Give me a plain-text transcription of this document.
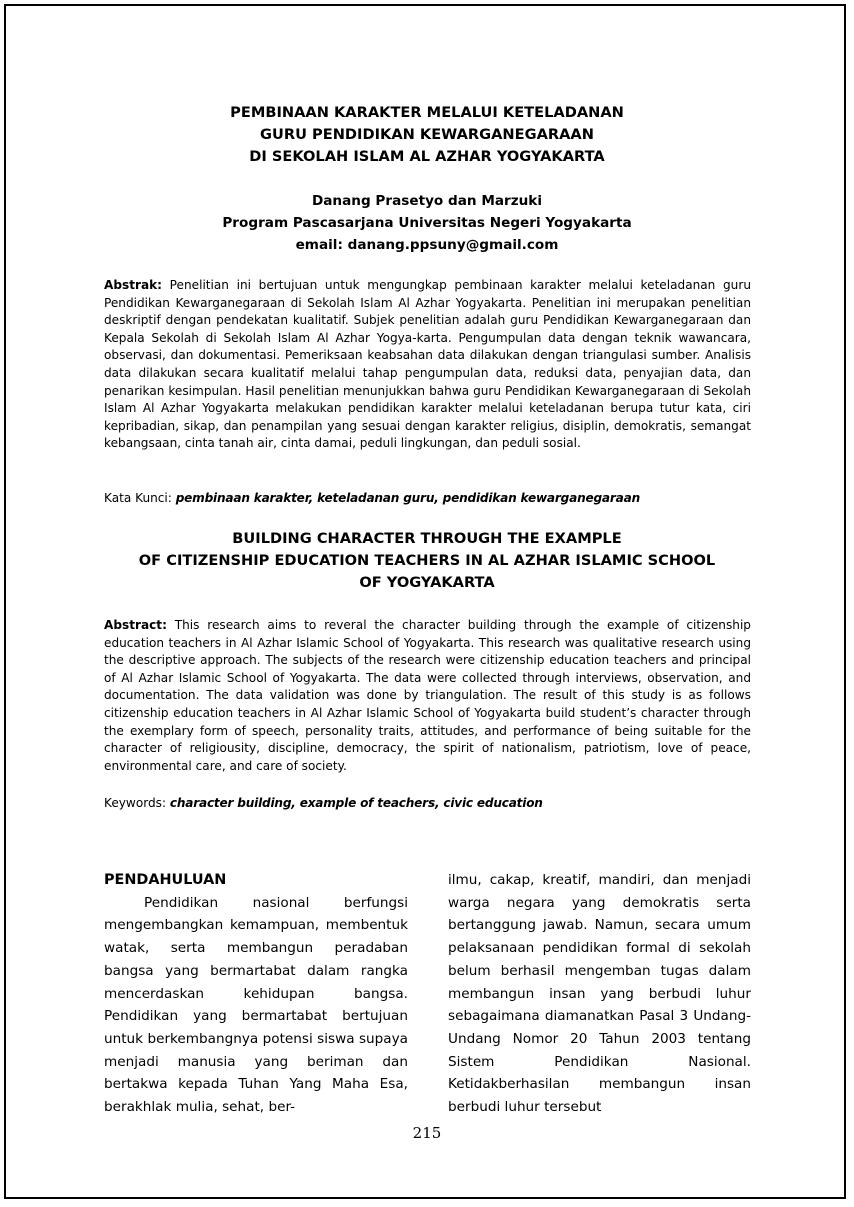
PEMBINAAN KARAKTER MELALUI KETELADANAN
GURU PENDIDIKAN KEWARGANEGARAAN
DI SEKOLAH ISLAM AL AZHAR YOGYAKARTA
Danang Prasetyo dan Marzuki
Program Pascasarjana Universitas Negeri Yogyakarta
email: danang.ppsuny@gmail.com

Abstrak: Penelitian ini bertujuan untuk mengungkap pembinaan karakter melalui keteladanan guru Pendidikan Kewarganegaraan di Sekolah Islam Al Azhar Yogyakarta. Penelitian ini merupakan penelitian deskriptif dengan pendekatan kualitatif. Subjek penelitian adalah guru Pendidikan Kewarganegaraan dan Kepala Sekolah di Sekolah Islam Al Azhar Yogya-karta. Pengumpulan data dengan teknik wawancara, observasi, dan dokumentasi. Pemeriksaan keabsahan data dilakukan dengan triangulasi sumber. Analisis data dilakukan secara kualitatif melalui tahap pengumpulan data, reduksi data, penyajian data, dan penarikan kesimpulan. Hasil penelitian menunjukkan bahwa guru Pendidikan Kewarganegaraan di Sekolah Islam Al Azhar Yogyakarta melakukan pendidikan karakter melalui keteladanan berupa tutur kata, ciri kepribadian, sikap, dan penampilan yang sesuai dengan karakter religius, disiplin, demokratis, semangat kebangsaan, cinta tanah air, cinta damai, peduli lingkungan, dan peduli sosial.

Kata Kunci: pembinaan karakter, keteladanan guru, pendidikan kewarganegaraan
BUILDING CHARACTER THROUGH THE EXAMPLE
OF CITIZENSHIP EDUCATION TEACHERS IN AL AZHAR ISLAMIC SCHOOL
OF YOGYAKARTA

Abstract: This research aims to reveral the character building through the example of citizenship education teachers in Al Azhar Islamic School of Yogyakarta. This research was qualitative research using the descriptive approach. The subjects of the research were citizenship education teachers and principal of Al Azhar Islamic School of Yogyakarta. The data were collected through interviews, observation, and documentation. The data validation was done by triangulation. The result of this study is as follows citizenship education teachers in Al Azhar Islamic School of Yogyakarta build student’s character through the exemplary form of speech, personality traits, attitudes, and performance of being suitable for the character of religiousity, discipline, democracy, the spirit of nationalism, patriotism, love of peace, environmental care, and care of society.

Keywords: character building, example of teachers, civic education
PENDAHULUAN

Pendidikan nasional berfungsi mengembangkan kemampuan, membentuk watak, serta membangun peradaban bangsa yang bermartabat dalam rangka mencerdaskan kehidupan bangsa. Pendidikan yang bermartabat bertujuan untuk berkembangnya potensi siswa supaya menjadi manusia yang beriman dan bertakwa kepada Tuhan Yang Maha Esa, berakhlak mulia, sehat, ber-

ilmu, cakap, kreatif, mandiri, dan menjadi warga negara yang demokratis serta bertanggung jawab. Namun, secara umum pelaksanaan pendidikan formal di sekolah belum berhasil mengemban tugas dalam membangun insan yang berbudi luhur sebagaimana diamanatkan Pasal 3 Undang-Undang Nomor 20 Tahun 2003 tentang Sistem Pendidikan Nasional. Ketidakberhasilan membangun insan berbudi luhur tersebut

215
